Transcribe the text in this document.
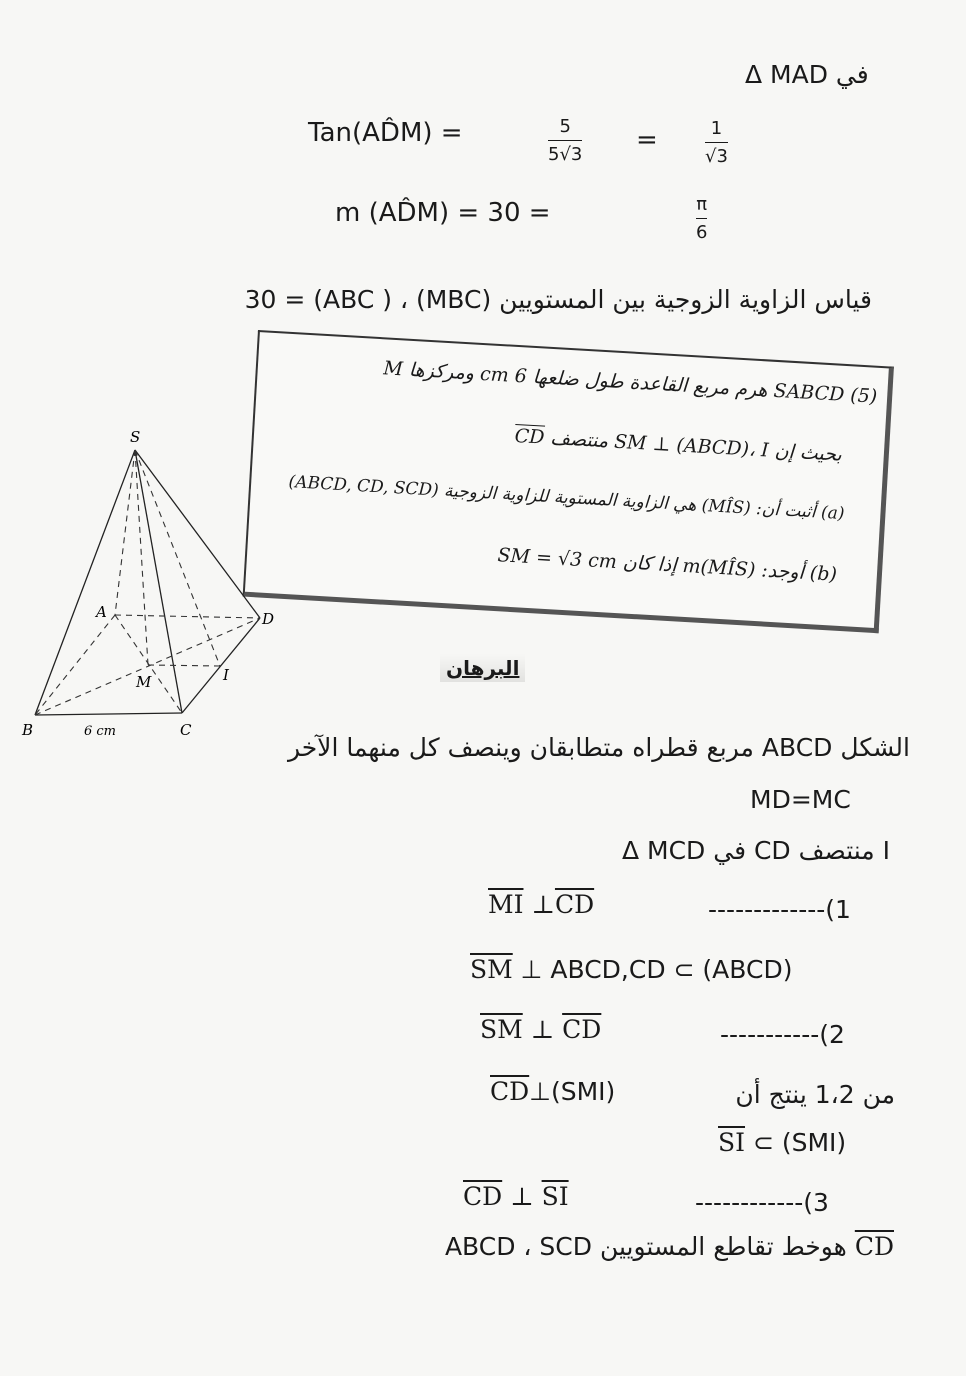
في Δ MAD
Tan(AD̂M) =	5
5√3 =	1
√3
m (AD̂M) = 30 =	π
6
قياس الزاوية الزوجية بين المستويين (MBC) ، ( ABC) = 30
(5) SABCD هرم مربع القاعدة طول ضلعها 6 cm ومركزها M
بحيث إن SM ⊥ (ABCD)، I منتصف CD
(a) أثبت أن: (MÎS) هي الزاوية المستوية للزاوية الزوجية (ABCD, CD, SCD)
(b) أوجد: m(MÎS) إذا كان SM = √3 cm
S
A
B	C
D
M	I
6 cm
البرهان
الشكل ABCD مربع قطراه متطابقان وينصف كل منهما الآخر
MD=MC
I منتصف CD في Δ MCD
$\overline{MI}$ $\perp\overline{CD}$	-------------(1
$\overline{SM}$ ⊥ ABCD,CD ⊂ (ABCD)
$\overline{SM}$ ⊥ $\overline{CD}$	-----------(2
$\overline{CD}\perp(SMI)$	من 1،2 ينتج أن
$\overline{SI}$ ⊂ (SMI)
$\overline{CD}$ ⊥ $\overline{SI}$	------------(3
CD هوخط تقاطع المستويين ABCD ، SCD
